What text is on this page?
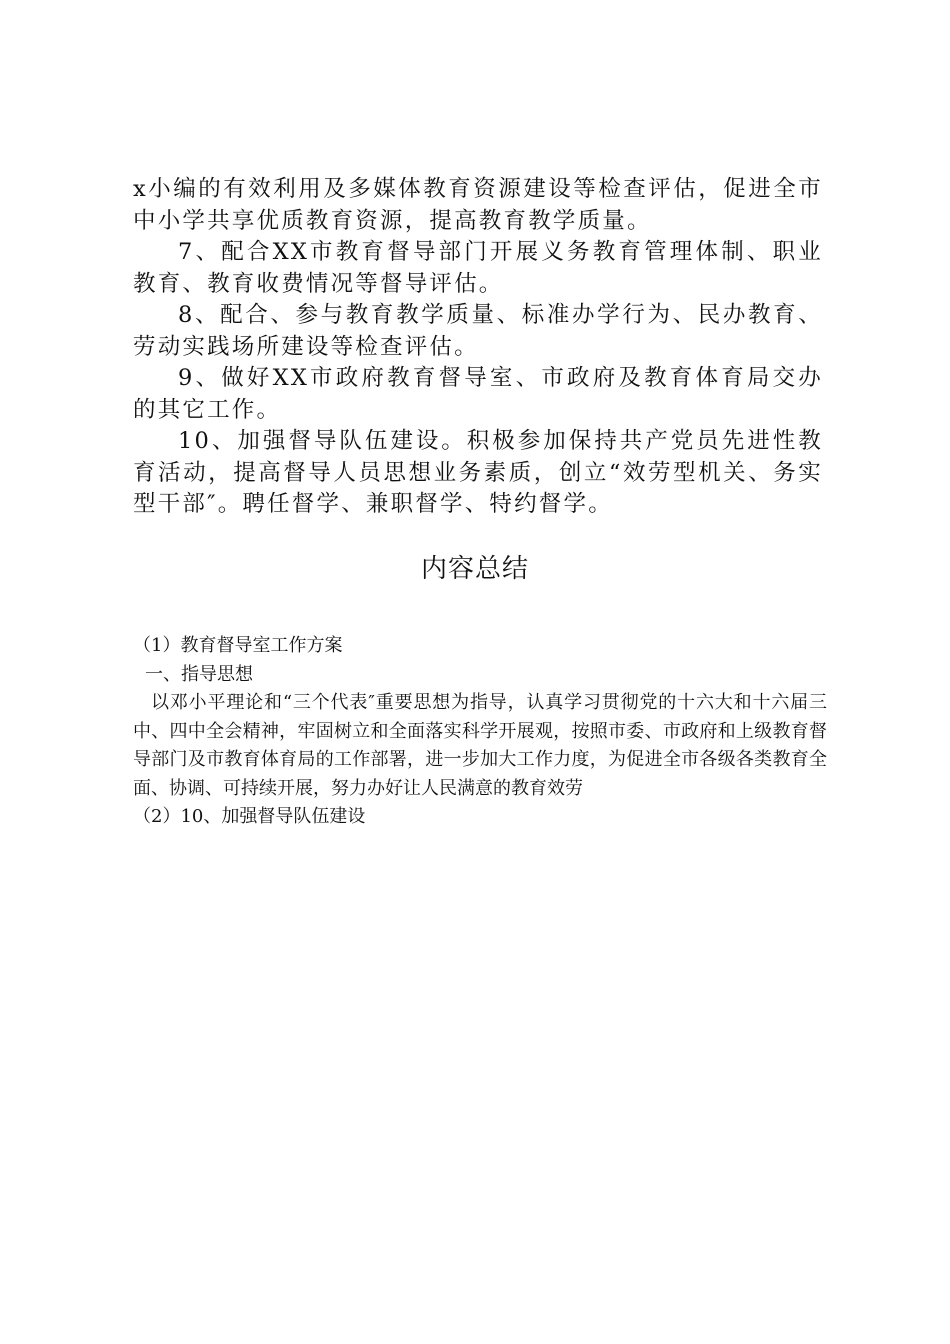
x小编的有效利用及多媒体教育资源建设等检查评估，促进全市中小学共享优质教育资源，提高教育教学质量。

7、配合XX市教育督导部门开展义务教育管理体制、职业教育、教育收费情况等督导评估。

8、配合、参与教育教学质量、标准办学行为、民办教育、劳动实践场所建设等检查评估。

9、做好XX市政府教育督导室、市政府及教育体育局交办的其它工作。

10、加强督导队伍建设。积极参加保持共产党员先进性教育活动，提高督导人员思想业务素质，创立“效劳型机关、务实型干部″。聘任督学、兼职督学、特约督学。

内容总结

（1）教育督导室工作方案

一、指导思想

以邓小平理论和“三个代表″重要思想为指导，认真学习贯彻党的十六大和十六届三中、四中全会精神，牢固树立和全面落实科学开展观，按照市委、市政府和上级教育督导部门及市教育体育局的工作部署，进一步加大工作力度，为促进全市各级各类教育全面、协调、可持续开展，努力办好让人民满意的教育效劳

（2）10、加强督导队伍建设
